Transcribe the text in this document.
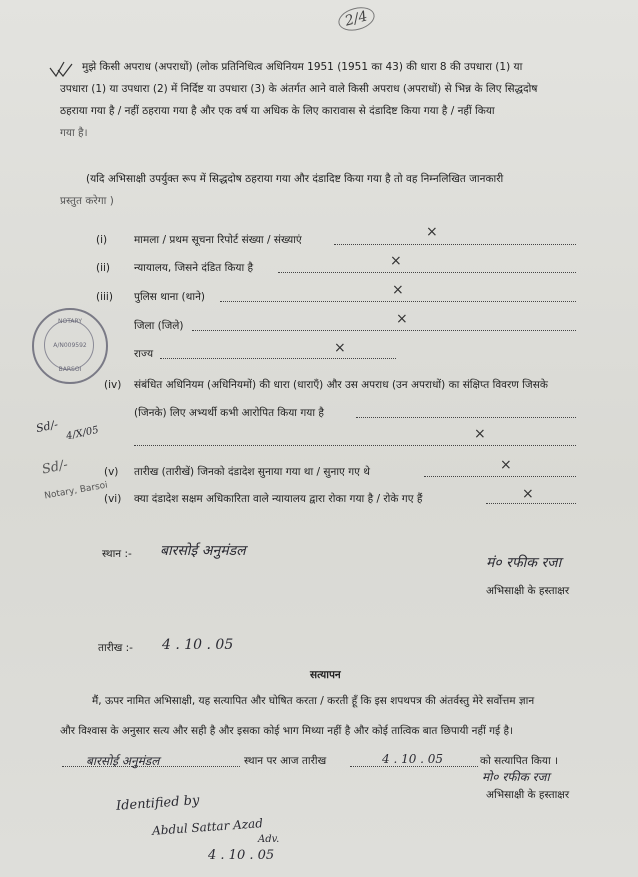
2/4
मुझे किसी अपराध (अपराधों) (लोक प्रतिनिधित्व अधिनियम 1951 (1951 का 43) की धारा 8 की उपधारा (1) या
उपधारा (1) या उपधारा (2) में निर्दिष्ट या उपधारा (3) के अंतर्गत आने वाले किसी अपराध (अपराधों) से भिन्न के लिए सिद्धदोष
ठहराया गया है / नहीं ठहराया गया है और एक वर्ष या अधिक के लिए कारावास से दंडादिष्ट किया गया है / नहीं किया
गया है।
(यदि अभिसाक्षी उपर्युक्त रूप में सिद्धदोष ठहराया गया और दंडादिष्ट किया गया है तो वह निम्नलिखित जानकारी
प्रस्तुत करेगा )
(i)	मामला / प्रथम सूचना रिपोर्ट संख्या / संख्याएं	×
(ii) न्यायालय, जिसने दंडित किया है	×
(iii) पुलिस थाना (थाने)	×
जिला (जिले)	×
राज्य	×
NOTARY
A/N009592
BARSOI
(iv) संबंधित अधिनियम (अधिनियमों) की धारा (धाराएँ) और उस अपराध (उन अपराधों) का संक्षिप्त विवरण जिसके
(जिनके) लिए अभ्यर्थी कभी आरोपित किया गया है
×
Sd/- 4/X/05
Sd/-
Notary, Barsoi
(v) तारीख (तारीखें) जिनको दंडादेश सुनाया गया था / सुनाए गए थे	×
(vi) क्या दंडादेश सक्षम अधिकारिता वाले न्यायालय द्वारा रोका गया है / रोके गए हैं	×
स्थान :- बारसोई अनुमंडल
मं० रफीक रजा
अभिसाक्षी के हस्ताक्षर
तारीख :- 4 . 10 . 05
सत्यापन
मैं, ऊपर नामित अभिसाक्षी, यह सत्यापित और घोषित करता / करती हूँ कि इस शपथपत्र की अंतर्वस्तु मेरे सर्वोत्तम ज्ञान
और विश्वास के अनुसार सत्य और सही है और इसका कोई भाग मिथ्या नहीं है और कोई तात्विक बात छिपायी नहीं गई है।
बारसोई अनुमंडल	स्थान पर आज तारीख	4 . 10 . 05	को सत्यापित किया ।
मो० रफीक रजा
अभिसाक्षी के हस्ताक्षर
Identified by
Abdul Sattar Azad
Adv.
4 . 10 . 05
